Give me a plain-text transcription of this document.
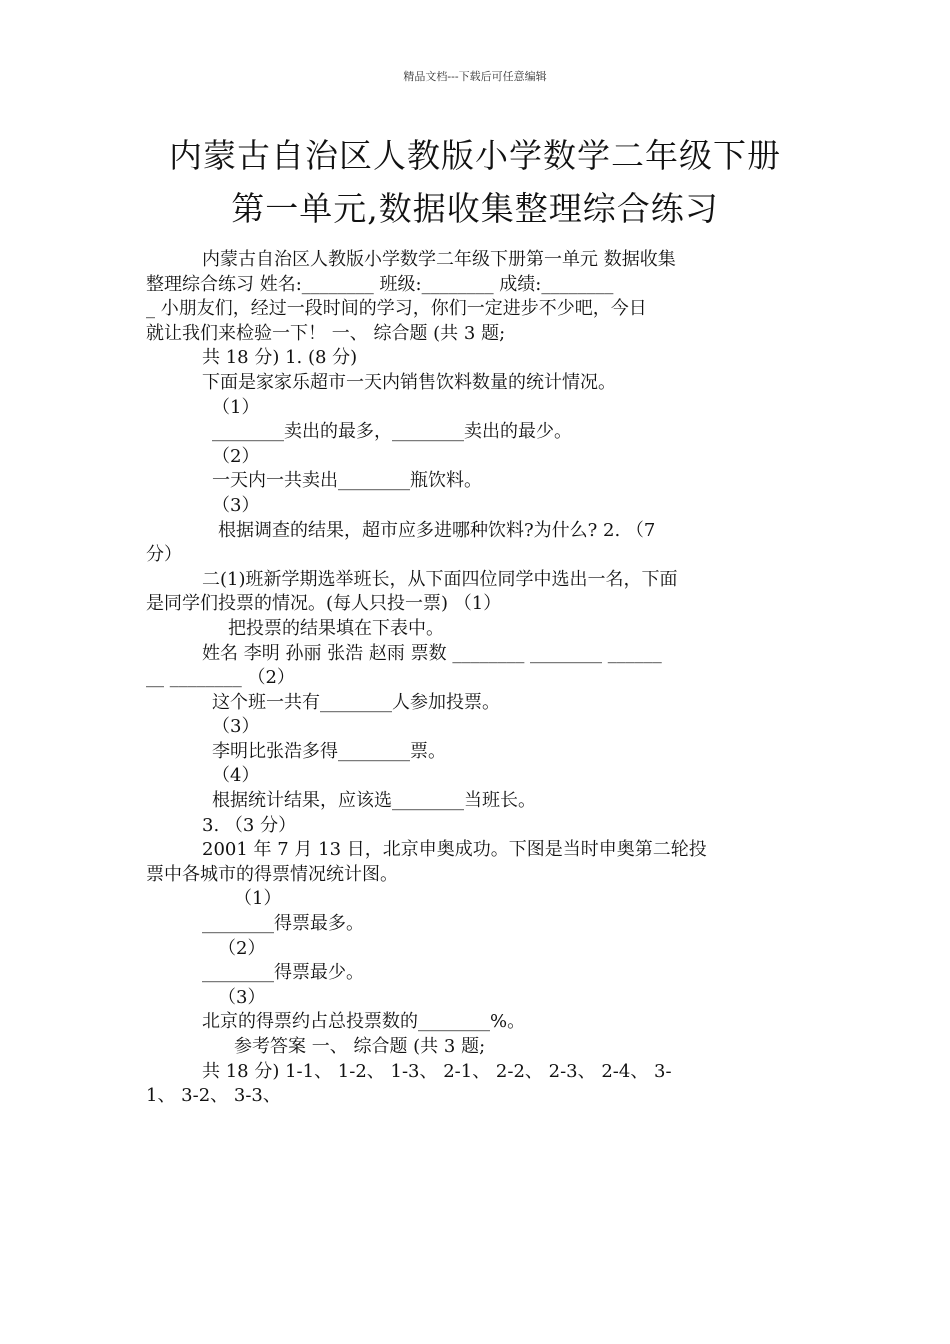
精品文档---下载后可任意编辑
内蒙古自治区人教版小学数学二年级下册
第一单元,数据收集整理综合练习
内蒙古自治区人教版小学数学二年级下册第一单元 数据收集
整理综合练习 姓名:________ 班级:________ 成绩:________
_ 小朋友们，经过一段时间的学习，你们一定进步不少吧，今日
就让我们来检验一下！ 一、 综合题 (共 3 题;
共 18 分) 1. (8 分)
下面是家家乐超市一天内销售饮料数量的统计情况。
（1）
________卖出的最多，________卖出的最少。
（2）
一天内一共卖出________瓶饮料。
（3）
根据调查的结果，超市应多进哪种饮料?为什么? 2. （7
分）
二(1)班新学期选举班长，从下面四位同学中选出一名，下面
是同学们投票的情况。(每人只投一票) （1）
把投票的结果填在下表中。
姓名 李明 孙丽 张浩 赵雨 票数 ________ ________ ______
__ ________ （2）
这个班一共有________人参加投票。
（3）
李明比张浩多得________票。
（4）
根据统计结果，应该选________当班长。
3. （3 分）
2001 年 7 月 13 日，北京申奥成功。下图是当时申奥第二轮投
票中各城市的得票情况统计图。
（1）
________得票最多。
（2）
________得票最少。
（3）
北京的得票约占总投票数的________%。
参考答案 一、 综合题 (共 3 题;
共 18 分) 1-1、 1-2、 1-3、 2-1、 2-2、 2-3、 2-4、 3-
1、 3-2、 3-3、
